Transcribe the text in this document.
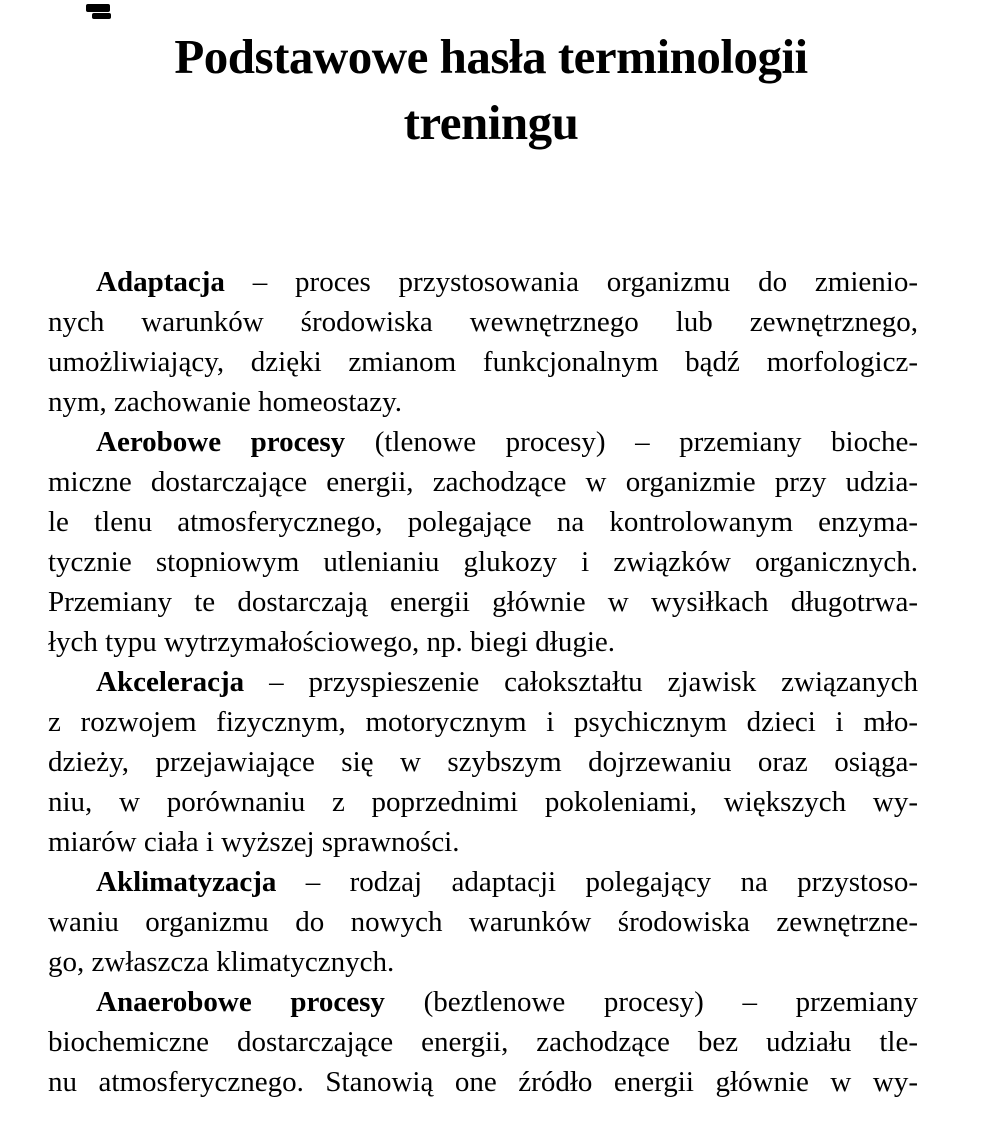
Podstawowe hasła terminologii
treningu
Adaptacja – proces przystosowania organizmu do zmienio-
nych warunków środowiska wewnętrznego lub zewnętrznego,
umożliwiający, dzięki zmianom funkcjonalnym bądź morfologicz-
nym, zachowanie homeostazy.
Aerobowe procesy (tlenowe procesy) – przemiany bioche-
miczne dostarczające energii, zachodzące w organizmie przy udzia-
le tlenu atmosferycznego, polegające na kontrolowanym enzyma-
tycznie stopniowym utlenianiu glukozy i związków organicznych.
Przemiany te dostarczają energii głównie w wysiłkach długotrwa-
łych typu wytrzymałościowego, np. biegi długie.
Akceleracja – przyspieszenie całokształtu zjawisk związanych
z rozwojem fizycznym, motorycznym i psychicznym dzieci i mło-
dzieży, przejawiające się w szybszym dojrzewaniu oraz osiąga-
niu, w porównaniu z poprzednimi pokoleniami, większych wy-
miarów ciała i wyższej sprawności.
Aklimatyzacja – rodzaj adaptacji polegający na przystoso-
waniu organizmu do nowych warunków środowiska zewnętrzne-
go, zwłaszcza klimatycznych.
Anaerobowe procesy (beztlenowe procesy) – przemiany
biochemiczne dostarczające energii, zachodzące bez udziału tle-
nu atmosferycznego. Stanowią one źródło energii głównie w wy-
